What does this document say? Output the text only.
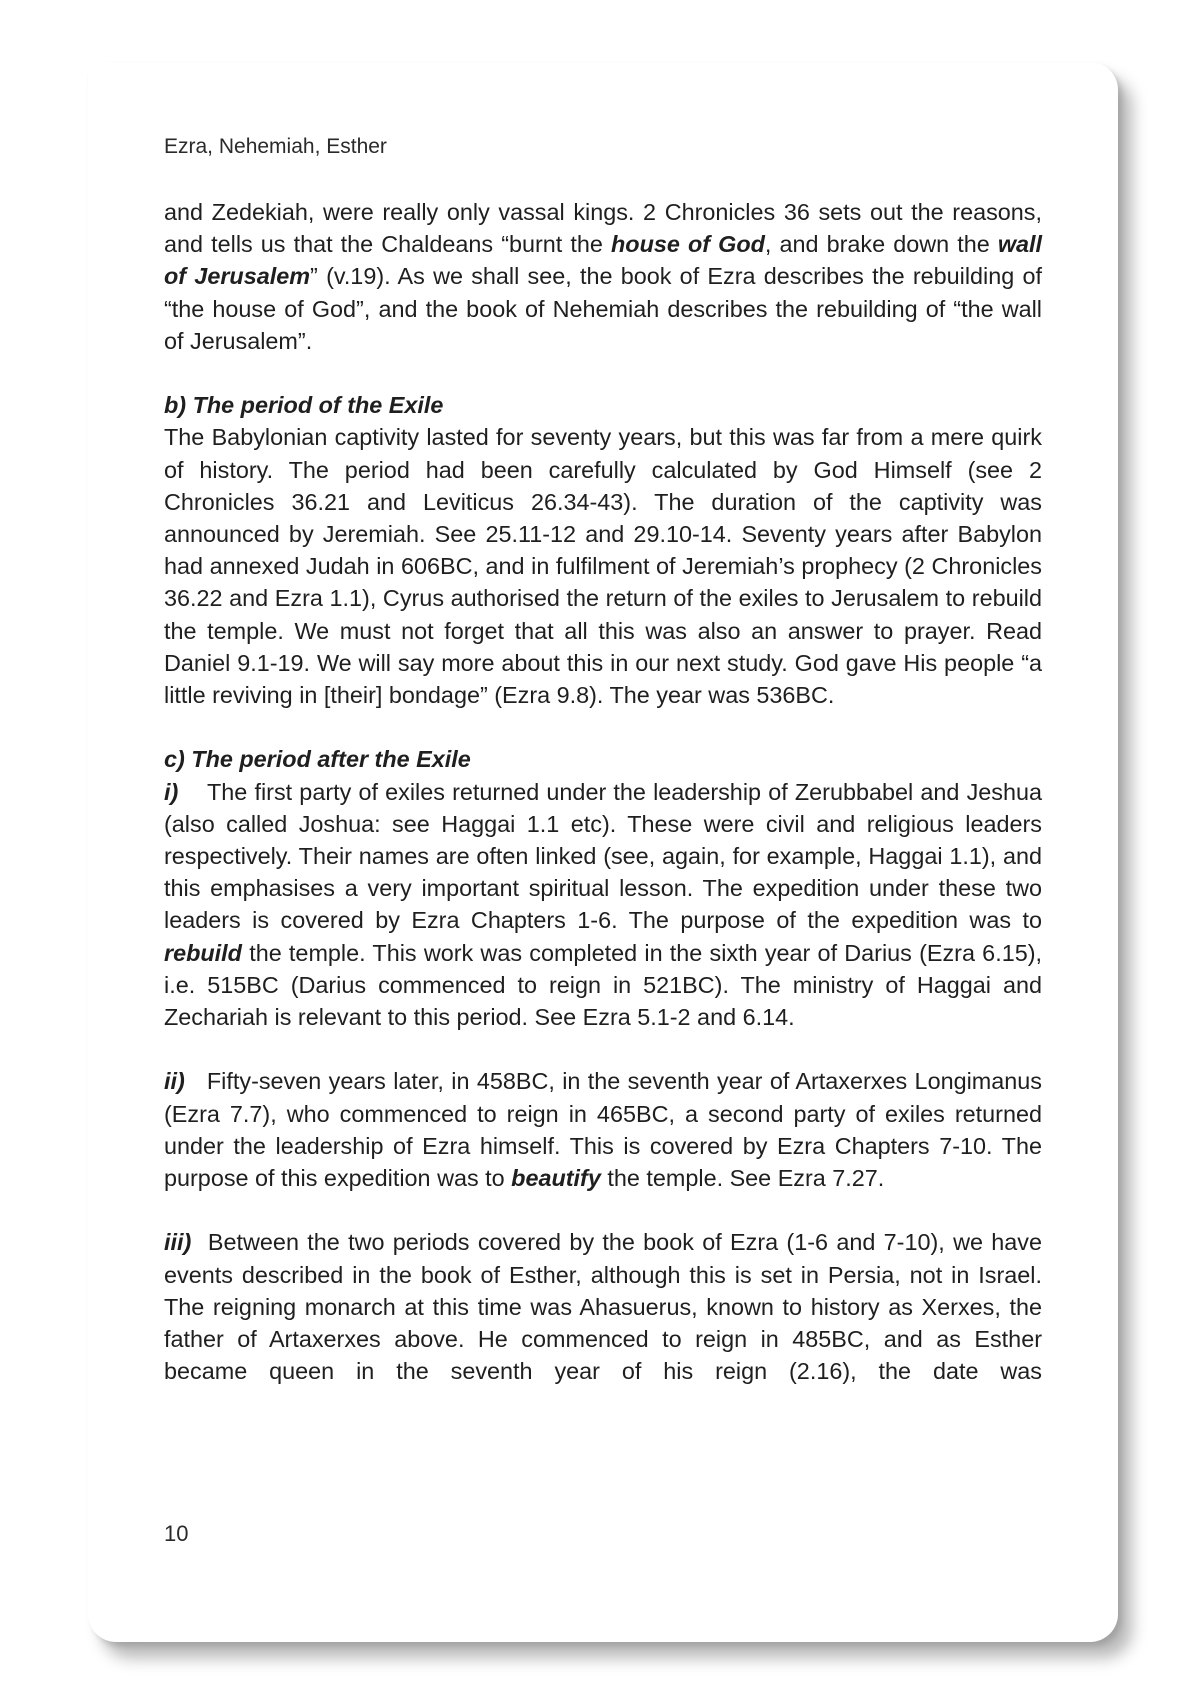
Ezra, Nehemiah, Esther

and Zedekiah, were really only vassal kings. 2 Chronicles 36 sets out the reasons, and tells us that the Chaldeans “burnt the house of God, and brake down the wall of Jerusalem” (v.19). As we shall see, the book of Ezra describes the rebuilding of “the house of God”, and the book of Nehemiah describes the rebuilding of “the wall of Jerusalem”.

b) The period of the Exile

The Babylonian captivity lasted for seventy years, but this was far from a mere quirk of history. The period had been carefully calculated by God Himself (see 2 Chronicles 36.21 and Leviticus 26.34-43). The duration of the captivity was announced by Jeremiah. See 25.11-12 and 29.10-14. Seventy years after Babylon had annexed Judah in 606BC, and in fulfilment of Jeremiah’s prophecy (2 Chronicles 36.22 and Ezra 1.1), Cyrus authorised the return of the exiles to Jerusalem to rebuild the temple. We must not forget that all this was also an answer to prayer. Read Daniel 9.1-19. We will say more about this in our next study. God gave His people “a little reviving in [their] bondage” (Ezra 9.8). The year was 536BC.

c) The period after the Exile

i) The first party of exiles returned under the leadership of Zerubbabel and Jeshua (also called Joshua: see Haggai 1.1 etc). These were civil and religious leaders respectively. Their names are often linked (see, again, for example, Haggai 1.1), and this emphasises a very important spiritual lesson. The expedition under these two leaders is covered by Ezra Chapters 1-6. The purpose of the expedition was to rebuild the temple. This work was completed in the sixth year of Darius (Ezra 6.15), i.e. 515BC (Darius commenced to reign in 521BC). The ministry of Haggai and Zechariah is relevant to this period. See Ezra 5.1-2 and 6.14.

ii) Fifty-seven years later, in 458BC, in the seventh year of Artaxerxes Longimanus (Ezra 7.7), who commenced to reign in 465BC, a second party of exiles returned under the leadership of Ezra himself. This is covered by Ezra Chapters 7-10. The purpose of this expedition was to beautify the temple. See Ezra 7.27.

iii) Between the two periods covered by the book of Ezra (1-6 and 7-10), we have events described in the book of Esther, although this is set in Persia, not in Israel. The reigning monarch at this time was Ahasuerus, known to history as Xerxes, the father of Artaxerxes above. He commenced to reign in 485BC, and as Esther became queen in the seventh year of his reign (2.16), the date was

10
